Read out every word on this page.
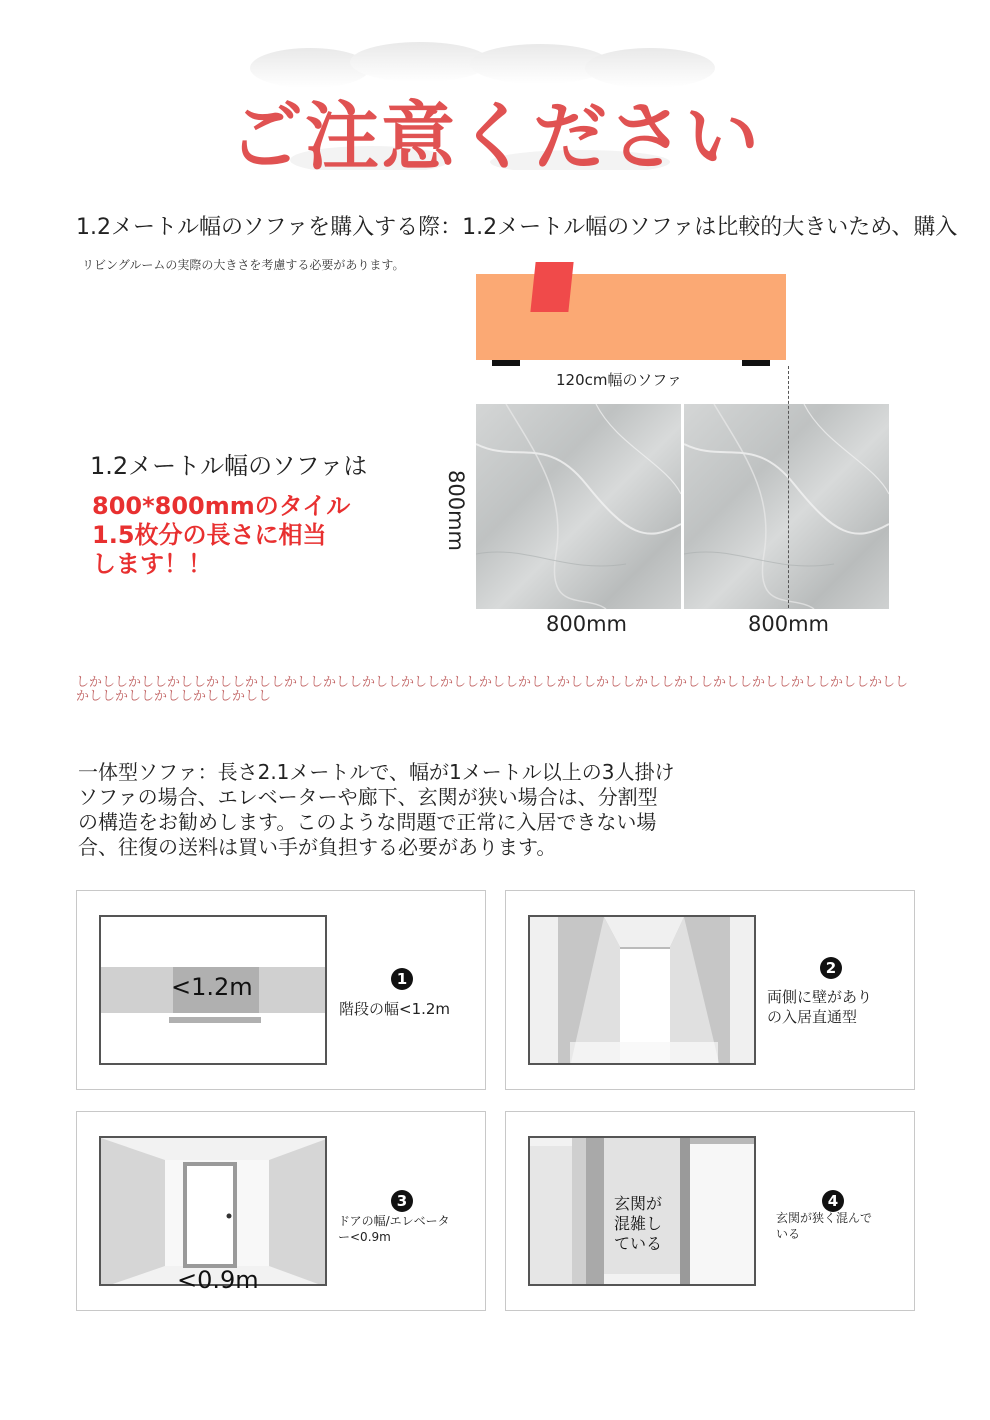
ご注意ください
1.2メートル幅のソファを購入する際：1.2メートル幅のソファは比較的大きいため、購入
リビングルームの実際の大きさを考慮する必要があります。
120cm幅のソファ
800mm	800mm
800mm
1.2メートル幅のソファは
800*800mmのタイル
1.5枚分の長さに相当
します！！
しかししかししかししかししかししかししかししかししかししかししかししかししかししかししかししかししかししかししかししかししかししかししかししかししかししかしし
一体型ソファ：長さ2.1メートルで、幅が1メートル以上の3人掛け
ソファの場合、エレベーターや廊下、玄関が狭い場合は、分割型
の構造をお勧めします。このような問題で正常に入居できない場
合、往復の送料は買い手が負担する必要があります。
<1.2m	1
階段の幅<1.2m
2
両側に壁があり
の入居直通型
<0.9m
3
ドアの幅/エレベータ
ー<0.9m
玄関が
混雑し
ている
4
玄関が狭く混んで
いる
